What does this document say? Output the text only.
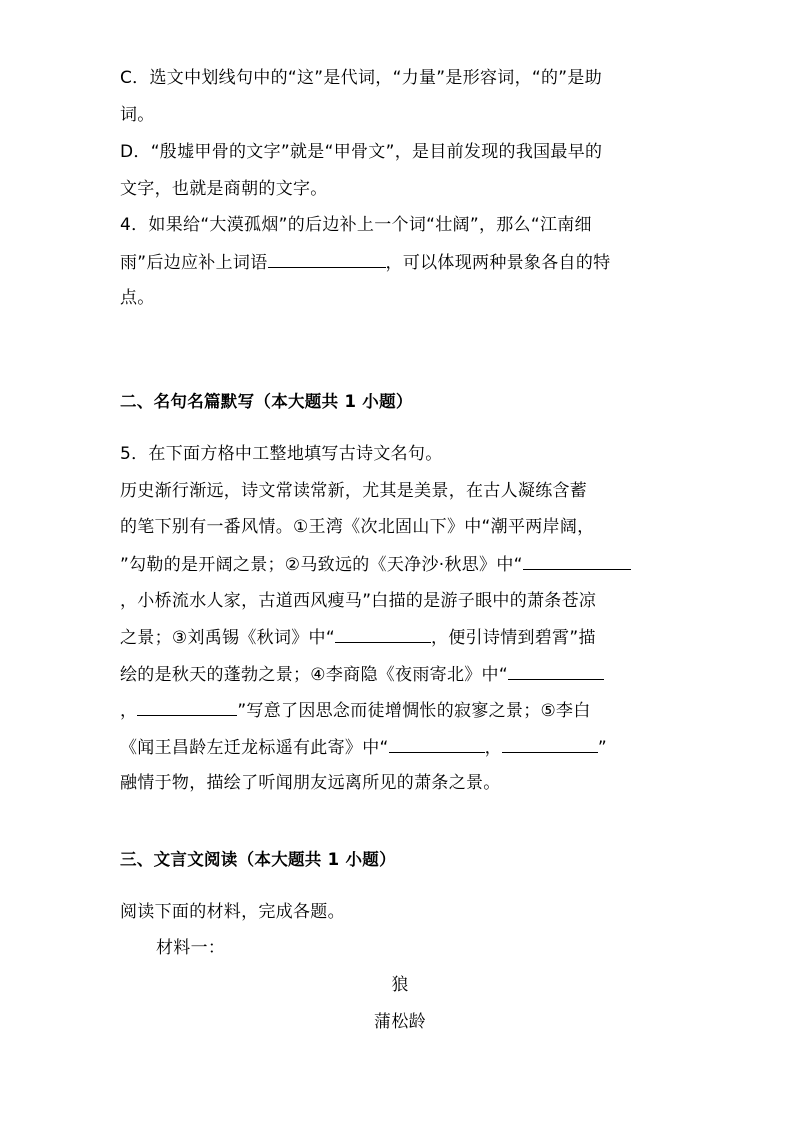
C．选文中划线句中的“这”是代词，“力量”是形容词，“的”是助
词。
D．“殷墟甲骨的文字”就是“甲骨文”，是目前发现的我国最早的
文字，也就是商朝的文字。
4．如果给“大漠孤烟”的后边补上一个词“壮阔”，那么“江南细
雨”后边应补上词语	，可以体现两种景象各自的特
点。
二、名句名篇默写（本大题共 1 小题）
5．在下面方格中工整地填写古诗文名句。
历史渐行渐远，诗文常读常新，尤其是美景，在古人凝练含蓄
的笔下别有一番风情。①王湾《次北固山下》中“潮平两岸阔，
”勾勒的是开阔之景；②马致远的《天净沙·秋思》中“
，小桥流水人家，古道西风瘦马”白描的是游子眼中的萧条苍凉
之景；③刘禹锡《秋词》中“	，便引诗情到碧霄”描
绘的是秋天的蓬勃之景；④李商隐《夜雨寄北》中“
，	”写意了因思念而徒增惆怅的寂寥之景；⑤李白
《闻王昌龄左迁龙标遥有此寄》中“	，	”
融情于物，描绘了听闻朋友远离所见的萧条之景。
三、文言文阅读（本大题共 1 小题）
阅读下面的材料，完成各题。
材料一：
狼
蒲松龄
